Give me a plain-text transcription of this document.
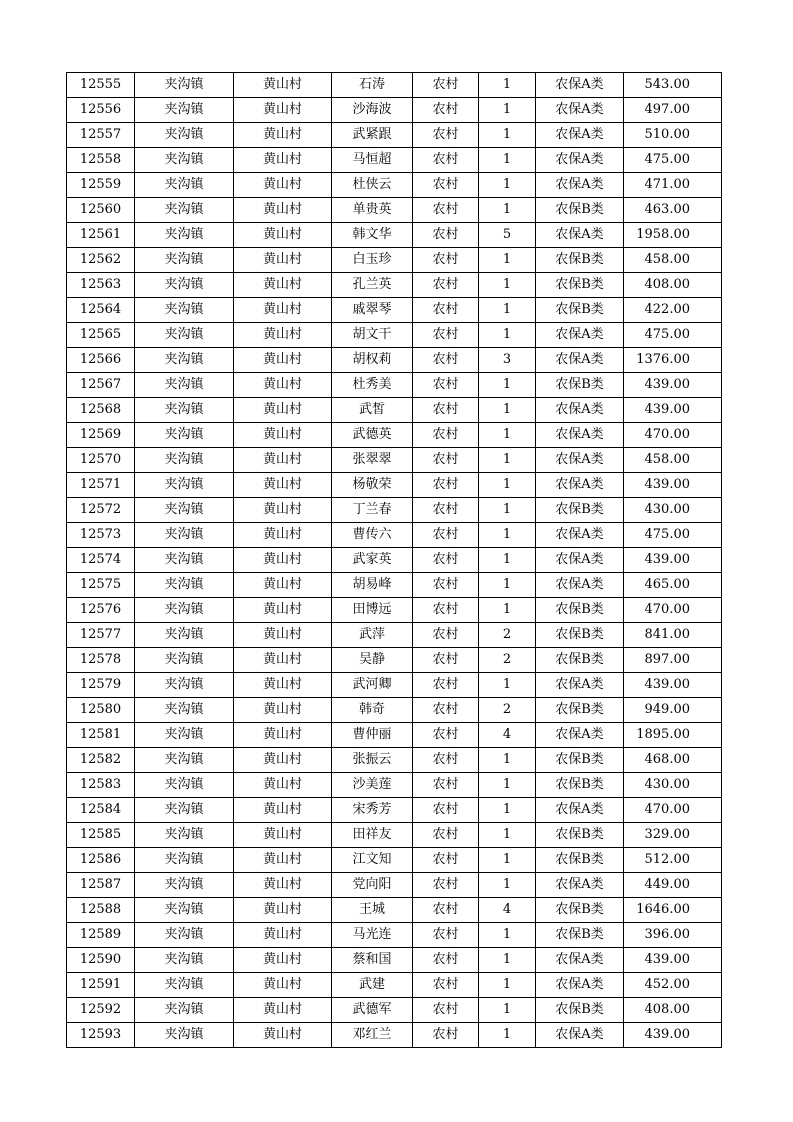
12555	夹沟镇	黄山村	石涛	农村	1	农保A类	543.00
12556	夹沟镇	黄山村	沙海波	农村	1	农保A类	497.00
12557	夹沟镇	黄山村	武紧跟	农村	1	农保A类	510.00
12558	夹沟镇	黄山村	马恒超	农村	1	农保A类	475.00
12559	夹沟镇	黄山村	杜侠云	农村	1	农保A类	471.00
12560	夹沟镇	黄山村	单贵英	农村	1	农保B类	463.00
12561	夹沟镇	黄山村	韩文华	农村	5	农保A类	1958.00
12562	夹沟镇	黄山村	白玉珍	农村	1	农保B类	458.00
12563	夹沟镇	黄山村	孔兰英	农村	1	农保B类	408.00
12564	夹沟镇	黄山村	戚翠琴	农村	1	农保B类	422.00
12565	夹沟镇	黄山村	胡文干	农村	1	农保A类	475.00
12566	夹沟镇	黄山村	胡权莉	农村	3	农保A类	1376.00
12567	夹沟镇	黄山村	杜秀美	农村	1	农保B类	439.00
12568	夹沟镇	黄山村	武皙	农村	1	农保A类	439.00
12569	夹沟镇	黄山村	武德英	农村	1	农保A类	470.00
12570	夹沟镇	黄山村	张翠翠	农村	1	农保A类	458.00
12571	夹沟镇	黄山村	杨敬荣	农村	1	农保A类	439.00
12572	夹沟镇	黄山村	丁兰春	农村	1	农保B类	430.00
12573	夹沟镇	黄山村	曹传六	农村	1	农保A类	475.00
12574	夹沟镇	黄山村	武家英	农村	1	农保A类	439.00
12575	夹沟镇	黄山村	胡易峰	农村	1	农保A类	465.00
12576	夹沟镇	黄山村	田博远	农村	1	农保B类	470.00
12577	夹沟镇	黄山村	武萍	农村	2	农保B类	841.00
12578	夹沟镇	黄山村	吴静	农村	2	农保B类	897.00
12579	夹沟镇	黄山村	武河卿	农村	1	农保A类	439.00
12580	夹沟镇	黄山村	韩奇	农村	2	农保B类	949.00
12581	夹沟镇	黄山村	曹仲丽	农村	4	农保A类	1895.00
12582	夹沟镇	黄山村	张振云	农村	1	农保B类	468.00
12583	夹沟镇	黄山村	沙美莲	农村	1	农保B类	430.00
12584	夹沟镇	黄山村	宋秀芳	农村	1	农保A类	470.00
12585	夹沟镇	黄山村	田祥友	农村	1	农保B类	329.00
12586	夹沟镇	黄山村	江文知	农村	1	农保B类	512.00
12587	夹沟镇	黄山村	党向阳	农村	1	农保A类	449.00
12588	夹沟镇	黄山村	王城	农村	4	农保B类	1646.00
12589	夹沟镇	黄山村	马光连	农村	1	农保B类	396.00
12590	夹沟镇	黄山村	蔡和国	农村	1	农保A类	439.00
12591	夹沟镇	黄山村	武建	农村	1	农保A类	452.00
12592	夹沟镇	黄山村	武德军	农村	1	农保B类	408.00
12593	夹沟镇	黄山村	邓红兰	农村	1	农保A类	439.00
